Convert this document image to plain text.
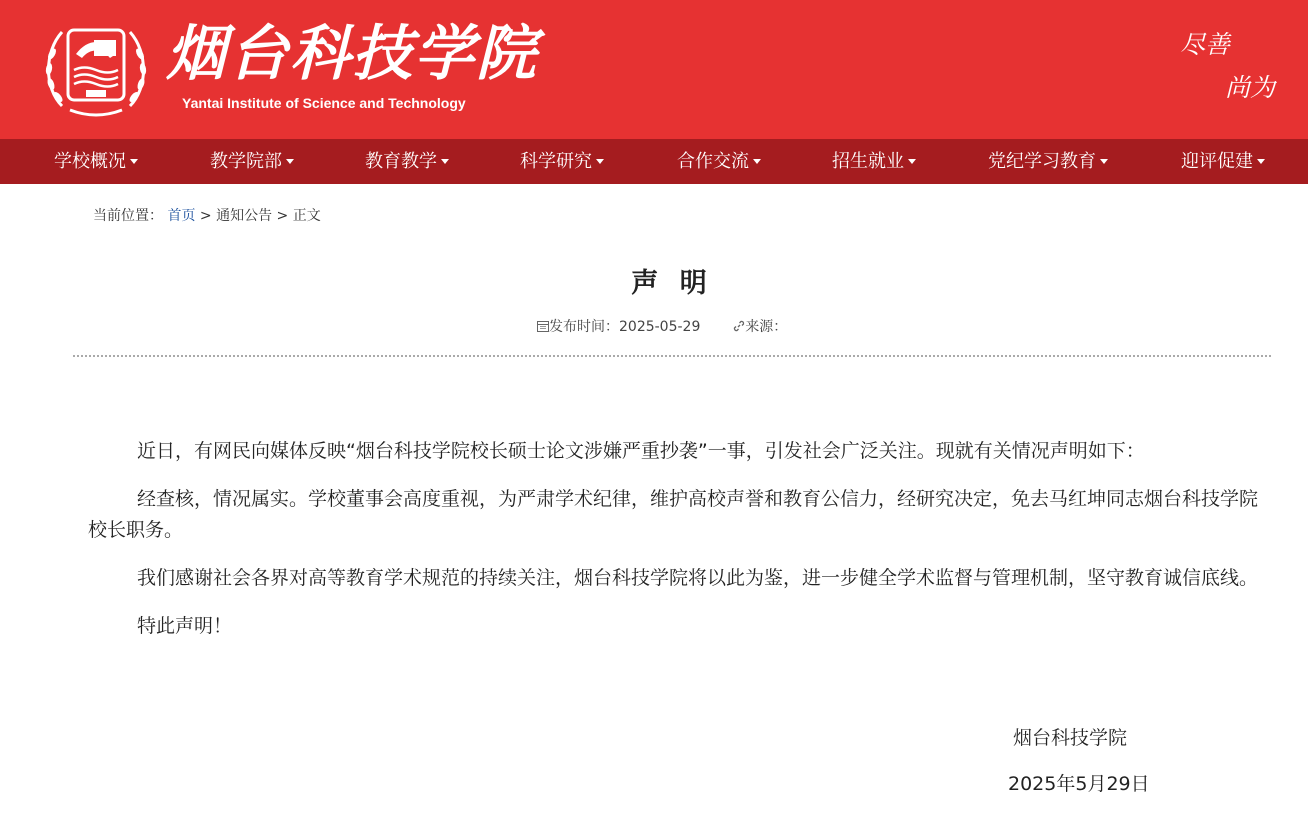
烟台科技学院
Yantai Institute of Science and Technology
尽善
尚为
学校概况	教学院部	教育教学	科学研究	合作交流	招生就业	党纪学习教育	迎评促建
当前位置： 首页 > 通知公告 > 正文
声 明
发布时间：2025-05-29	来源：

近日，有网民向媒体反映“烟台科技学院校长硕士论文涉嫌严重抄袭”一事，引发社会广泛关注。现就有关情况声明如下：

经查核，情况属实。学校董事会高度重视，为严肃学术纪律，维护高校声誉和教育公信力，经研究决定，免去马红坤同志烟台科技学院校长职务。

我们感谢社会各界对高等教育学术规范的持续关注，烟台科技学院将以此为鉴，进一步健全学术监督与管理机制，坚守教育诚信底线。

特此声明！

烟台科技学院
2025年5月29日
